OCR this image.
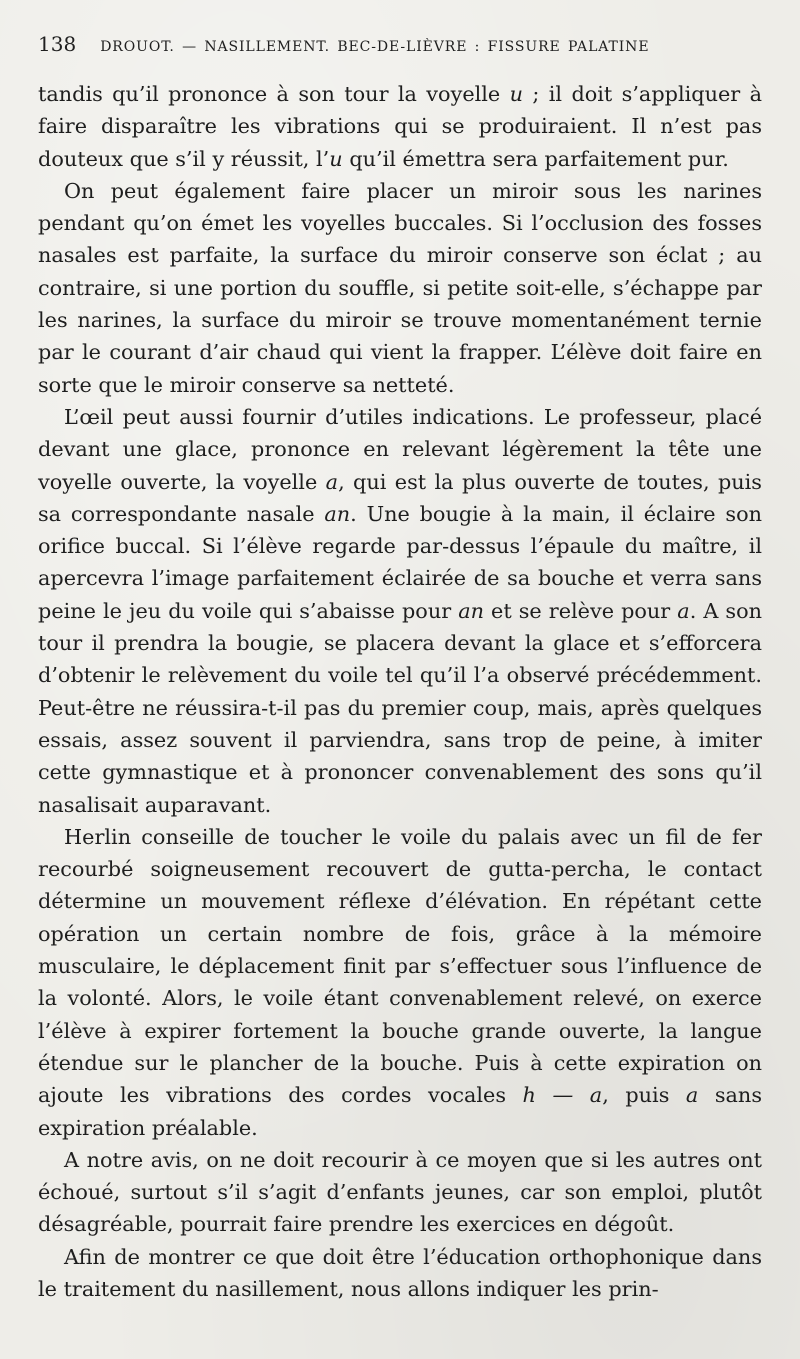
138 DROUOT. — NASILLEMENT. BEC-DE-LIÈVRE : FISSURE PALATINE

tandis qu’il prononce à son tour la voyelle u ; il doit s’appliquer à faire disparaître les vibrations qui se produiraient. Il n’est pas douteux que s’il y réussit, l’u qu’il émettra sera parfaitement pur.

On peut également faire placer un miroir sous les narines pendant qu’on émet les voyelles buccales. Si l’occlusion des fosses nasales est parfaite, la surface du miroir conserve son éclat ; au contraire, si une portion du souffle, si petite soit-elle, s’échappe par les narines, la surface du miroir se trouve momentanément ternie par le courant d’air chaud qui vient la frapper. L’élève doit faire en sorte que le miroir conserve sa netteté.

L’œil peut aussi fournir d’utiles indications. Le professeur, placé devant une glace, prononce en relevant légèrement la tête une voyelle ouverte, la voyelle a, qui est la plus ouverte de toutes, puis sa correspondante nasale an. Une bougie à la main, il éclaire son orifice buccal. Si l’élève regarde par-dessus l’épaule du maître, il apercevra l’image parfaitement éclairée de sa bouche et verra sans peine le jeu du voile qui s’abaisse pour an et se relève pour a. A son tour il prendra la bougie, se placera devant la glace et s’efforcera d’obtenir le relèvement du voile tel qu’il l’a observé précédemment. Peut-être ne réussira-t-il pas du premier coup, mais, après quelques essais, assez souvent il parviendra, sans trop de peine, à imiter cette gymnastique et à prononcer convenablement des sons qu’il nasalisait auparavant.

Herlin conseille de toucher le voile du palais avec un fil de fer recourbé soigneusement recouvert de gutta-percha, le contact détermine un mouvement réflexe d’élévation. En répétant cette opération un certain nombre de fois, grâce à la mémoire musculaire, le déplacement finit par s’effectuer sous l’influence de la volonté. Alors, le voile étant convenablement relevé, on exerce l’élève à expirer fortement la bouche grande ouverte, la langue étendue sur le plancher de la bouche. Puis à cette expiration on ajoute les vibrations des cordes vocales h — a, puis a sans expiration préalable.

A notre avis, on ne doit recourir à ce moyen que si les autres ont échoué, surtout s’il s’agit d’enfants jeunes, car son emploi, plutôt désagréable, pourrait faire prendre les exercices en dégoût.

Afin de montrer ce que doit être l’éducation orthophonique dans le traitement du nasillement, nous allons indiquer les prin-
